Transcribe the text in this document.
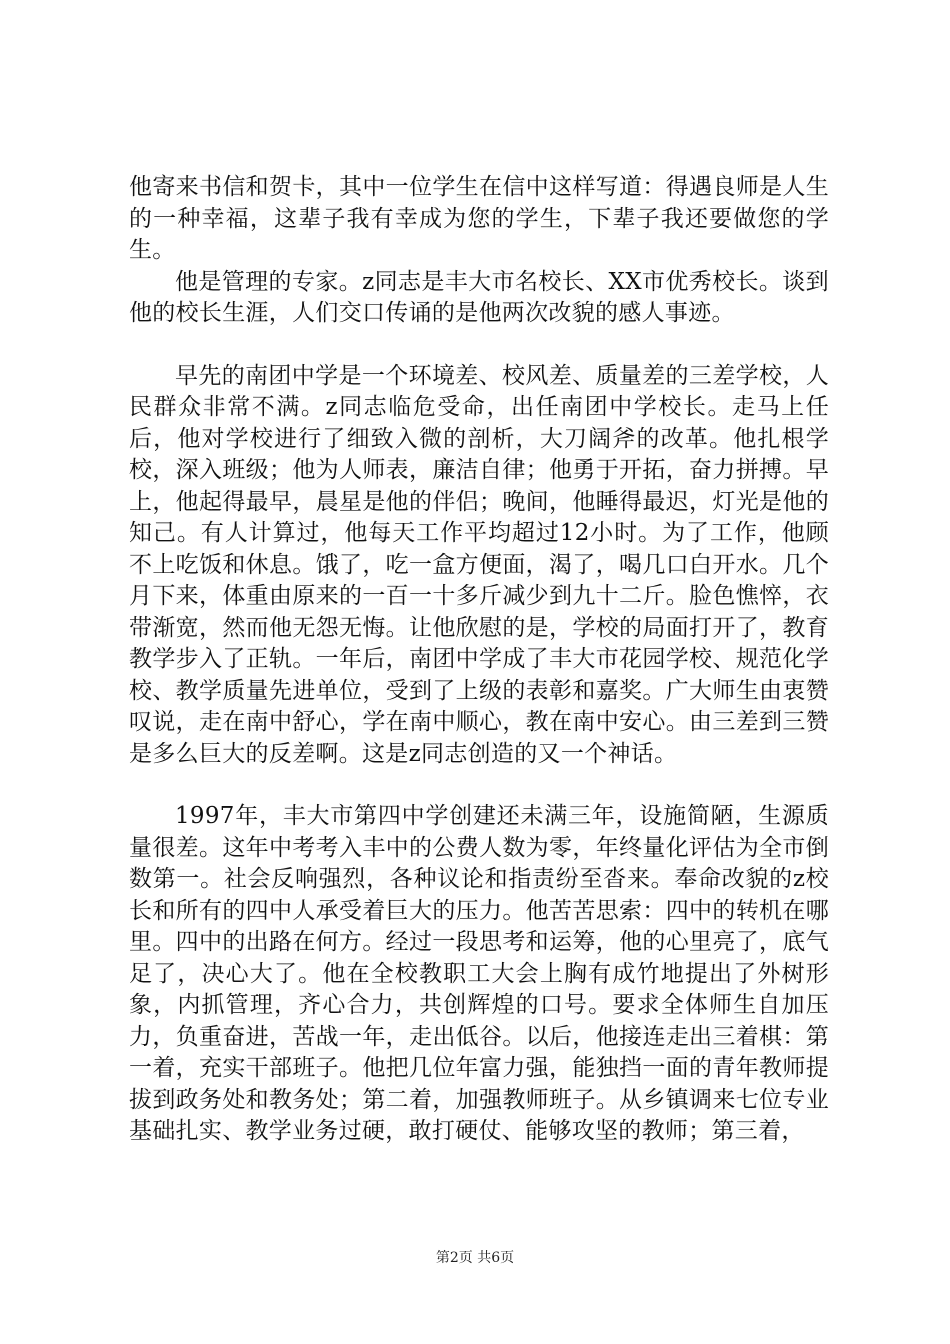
他寄来书信和贺卡，其中一位学生在信中这样写道：得遇良师是人生的一种幸福，这辈子我有幸成为您的学生，下辈子我还要做您的学生。

他是管理的专家。z同志是丰大市名校长、XX市优秀校长。谈到他的校长生涯，人们交口传诵的是他两次改貌的感人事迹。

早先的南团中学是一个环境差、校风差、质量差的三差学校，人民群众非常不满。z同志临危受命，出任南团中学校长。走马上任后，他对学校进行了细致入微的剖析，大刀阔斧的改革。他扎根学校，深入班级；他为人师表，廉洁自律；他勇于开拓，奋力拼搏。早上，他起得最早，晨星是他的伴侣；晚间，他睡得最迟，灯光是他的知己。有人计算过，他每天工作平均超过12小时。为了工作，他顾不上吃饭和休息。饿了，吃一盒方便面，渴了，喝几口白开水。几个月下来，体重由原来的一百一十多斤减少到九十二斤。脸色憔悴，衣带渐宽，然而他无怨无悔。让他欣慰的是，学校的局面打开了，教育教学步入了正轨。一年后，南团中学成了丰大市花园学校、规范化学校、教学质量先进单位，受到了上级的表彰和嘉奖。广大师生由衷赞叹说，走在南中舒心，学在南中顺心，教在南中安心。由三差到三赞是多么巨大的反差啊。这是z同志创造的又一个神话。

1997年，丰大市第四中学创建还未满三年，设施简陋，生源质量很差。这年中考考入丰中的公费人数为零，年终量化评估为全市倒数第一。社会反响强烈，各种议论和指责纷至沓来。奉命改貌的z校长和所有的四中人承受着巨大的压力。他苦苦思索：四中的转机在哪里。四中的出路在何方。经过一段思考和运筹，他的心里亮了，底气足了，决心大了。他在全校教职工大会上胸有成竹地提出了外树形象，内抓管理，齐心合力，共创辉煌的口号。要求全体师生自加压力，负重奋进，苦战一年，走出低谷。以后，他接连走出三着棋：第一着，充实干部班子。他把几位年富力强，能独挡一面的青年教师提拔到政务处和教务处；第二着，加强教师班子。从乡镇调来七位专业基础扎实、教学业务过硬，敢打硬仗、能够攻坚的教师；第三着，

第2页 共6页
